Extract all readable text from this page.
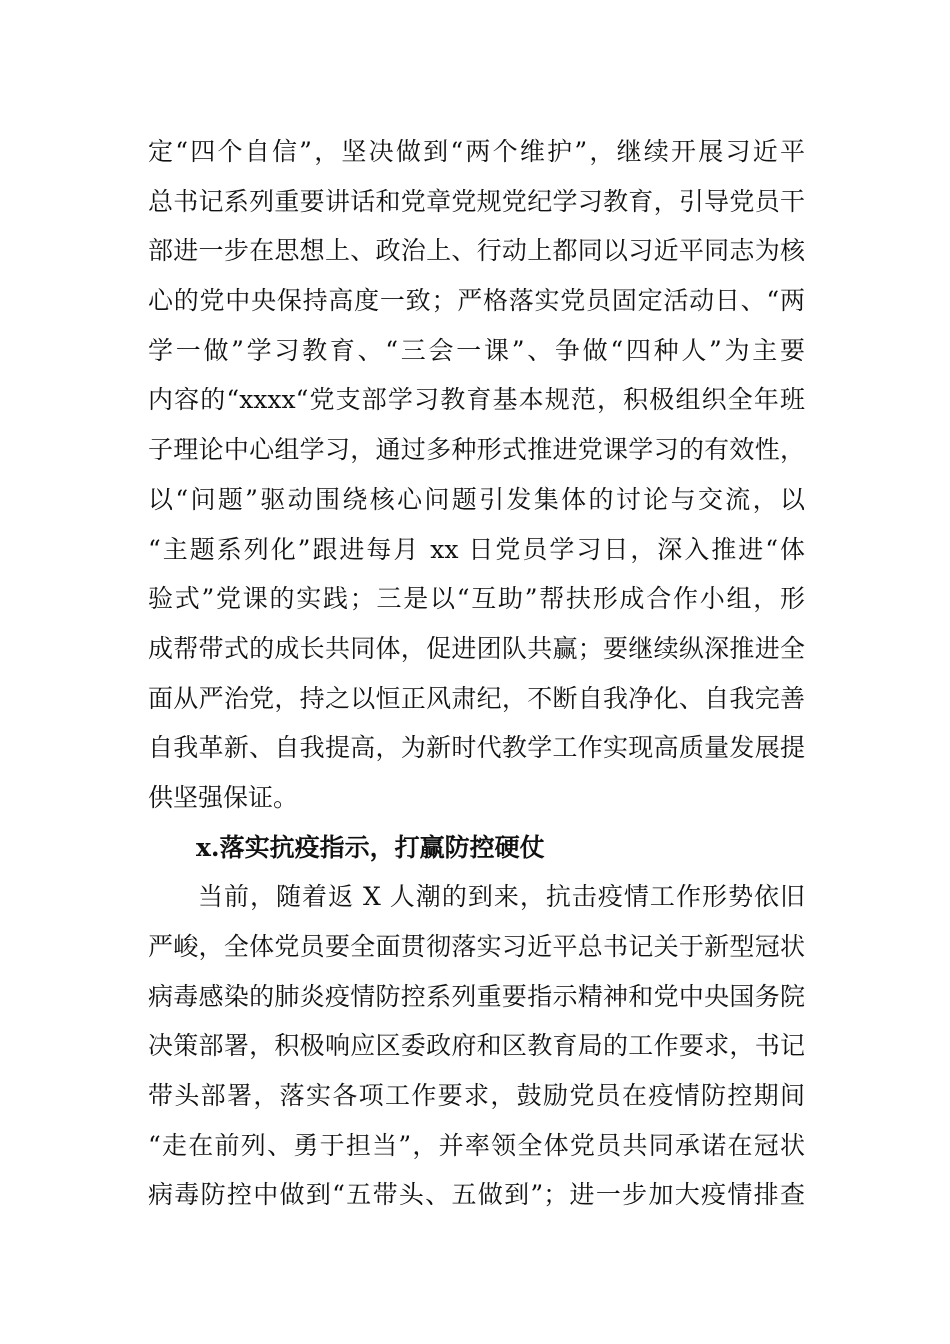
定“四个自信”，坚决做到“两个维护”，继续开展习近平
总书记系列重要讲话和党章党规党纪学习教育，引导党员干
部进一步在思想上、政治上、行动上都同以习近平同志为核
心的党中央保持高度一致；严格落实党员固定活动日、“两
学一做”学习教育、“三会一课”、争做“四种人”为主要
内容的“xxxx“党支部学习教育基本规范，积极组织全年班
子理论中心组学习，通过多种形式推进党课学习的有效性，
以“问题”驱动围绕核心问题引发集体的讨论与交流，以
“主题系列化”跟进每月 xx 日党员学习日，深入推进“体
验式”党课的实践；三是以“互助”帮扶形成合作小组，形
成帮带式的成长共同体，促进团队共赢；要继续纵深推进全
面从严治党，持之以恒正风肃纪，不断自我净化、自我完善
自我革新、自我提高，为新时代教学工作实现高质量发展提
供坚强保证。
x.落实抗疫指示，打赢防控硬仗
当前，随着返 X 人潮的到来，抗击疫情工作形势依旧
严峻，全体党员要全面贯彻落实习近平总书记关于新型冠状
病毒感染的肺炎疫情防控系列重要指示精神和党中央国务院
决策部署，积极响应区委政府和区教育局的工作要求，书记
带头部署，落实各项工作要求，鼓励党员在疫情防控期间
“走在前列、勇于担当”，并率领全体党员共同承诺在冠状
病毒防控中做到“五带头、五做到”；进一步加大疫情排查
